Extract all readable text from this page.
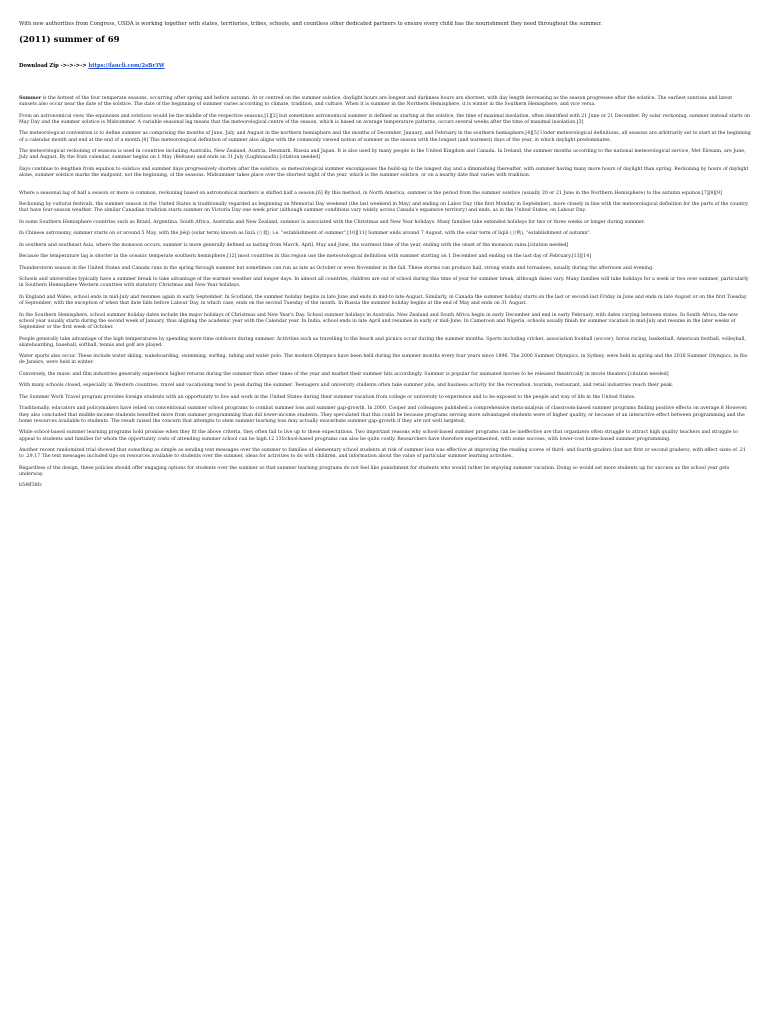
With new authorities from Congress, USDA is working together with states, territories, tribes, schools, and countless other dedicated partners to ensure every child has the nourishment they need throughout the summer.
(2011) summer of 69
Download Zip ->->->-> https://fancli.com/2sBr3W

Summer is the hottest of the four temperate seasons, occurring after spring and before autumn. At or centred on the summer solstice, daylight hours are longest and darkness hours are shortest, with day length decreasing as the season progresses after the solstice. The earliest sunrises and latest sunsets also occur near the date of the solstice. The date of the beginning of summer varies according to climate, tradition, and culture. When it is summer in the Northern Hemisphere, it is winter in the Southern Hemisphere, and vice versa.

From an astronomical view, the equinoxes and solstices would be the middle of the respective seasons,[1][2] but sometimes astronomical summer is defined as starting at the solstice, the time of maximal insolation, often identified with 21 June or 21 December. By solar reckoning, summer instead starts on May Day and the summer solstice is Midsummer. A variable seasonal lag means that the meteorological centre of the season, which is based on average temperature patterns, occurs several weeks after the time of maximal insolation.[3]

The meteorological convention is to define summer as comprising the months of June, July, and August in the northern hemisphere and the months of December, January, and February in the southern hemisphere.[4][5] Under meteorological definitions, all seasons are arbitrarily set to start at the beginning of a calendar month and end at the end of a month.[4] This meteorological definition of summer also aligns with the commonly viewed notion of summer as the season with the longest (and warmest) days of the year, in which daylight predominates.

The meteorological reckoning of seasons is used in countries including Australia, New Zealand, Austria, Denmark, Russia and Japan. It is also used by many people in the United Kingdom and Canada. In Ireland, the summer months according to the national meteorological service, Met Éireann, are June, July and August. By the Irish calendar, summer begins on 1 May (Beltane) and ends on 31 July (Lughnasadh).[citation needed]

Days continue to lengthen from equinox to solstice and summer days progressively shorten after the solstice, so meteorological summer encompasses the build-up to the longest day and a diminishing thereafter, with summer having many more hours of daylight than spring. Reckoning by hours of daylight alone, summer solstice marks the midpoint, not the beginning, of the seasons. Midsummer takes place over the shortest night of the year, which is the summer solstice, or on a nearby date that varies with tradition.

Where a seasonal lag of half a season or more is common, reckoning based on astronomical markers is shifted half a season.[6] By this method, in North America, summer is the period from the summer solstice (usually 20 or 21 June in the Northern Hemisphere) to the autumn equinox.[7][8][9]

Reckoning by cultural festivals, the summer season in the United States is traditionally regarded as beginning on Memorial Day weekend (the last weekend in May) and ending on Labor Day (the first Monday in September), more closely in line with the meteorological definition for the parts of the country that have four-season weather. The similar Canadian tradition starts summer on Victoria Day one week prior (although summer conditions vary widely across Canada's expansive territory) and ends, as in the United States, on Labour Day.

In some Southern Hemisphere countries such as Brazil, Argentina, South Africa, Australia and New Zealand, summer is associated with the Christmas and New Year holidays. Many families take extended holidays for two or three weeks or longer during summer.

In Chinese astronomy, summer starts on or around 5 May, with the jiéqì (solar term) known as lìxià (立夏), i.e. "establishment of summer".[10][11] Summer ends around 7 August, with the solar term of lìqiū (立秋), "establishment of autumn".

In southern and southeast Asia, where the monsoon occurs, summer is more generally defined as lasting from March, April, May and June, the warmest time of the year, ending with the onset of the monsoon rains.[citation needed]

Because the temperature lag is shorter in the oceanic temperate southern hemisphere,[12] most countries in this region use the meteorological definition with summer starting on 1 December and ending on the last day of February.[13][14]

Thunderstorm season in the United States and Canada runs in the spring through summer but sometimes can run as late as October or even November in the fall. These storms can produce hail, strong winds and tornadoes, usually during the afternoon and evening.

Schools and universities typically have a summer break to take advantage of the warmer weather and longer days. In almost all countries, children are out of school during this time of year for summer break, although dates vary. Many families will take holidays for a week or two over summer, particularly in Southern Hemisphere Western countries with statutory Christmas and New Year holidays.

In England and Wales, school ends in mid-July and resumes again in early September. In Scotland, the summer holiday begins in late June and ends in mid-to late-August. Similarly, in Canada the summer holiday starts on the last or second-last Friday in June and ends in late August or on the first Tuesday of September, with the exception of when that date falls before Labour Day, in which case, ends on the second Tuesday of the month. In Russia the summer holiday begins at the end of May and ends on 31 August.

In the Southern Hemisphere, school summer holiday dates include the major holidays of Christmas and New Year's Day. School summer holidays in Australia, New Zealand and South Africa begin in early December and end in early February, with dates varying between states. In South Africa, the new school year usually starts during the second week of January, thus aligning the academic year with the Calendar year. In India, school ends in late April and resumes in early or mid-June. In Cameroon and Nigeria, schools usually finish for summer vacation in mid-July and resume in the later weeks of September or the first week of October.

People generally take advantage of the high temperatures by spending more time outdoors during summer. Activities such as travelling to the beach and picnics occur during the summer months. Sports including cricket, association football (soccer), horse racing, basketball, American football, volleyball, skateboarding, baseball, softball, tennis and golf are played.

Water sports also occur. These include water skiing, wakeboarding, swimming, surfing, tubing and water polo. The modern Olympics have been held during the summer months every four years since 1896. The 2000 Summer Olympics, in Sydney, were held in spring and the 2016 Summer Olympics, in Rio de Janeiro, were held in winter.

Conversely, the music and film industries generally experience higher returns during the summer than other times of the year and market their summer hits accordingly. Summer is popular for animated movies to be released theatrically in movie theaters.[citation needed]

With many schools closed, especially in Western countries, travel and vacationing tend to peak during the summer. Teenagers and university students often take summer jobs, and business activity for the recreation, tourism, restaurant, and retail industries reach their peak.

The Summer Work Travel program provides foreign students with an opportunity to live and work in the United States during their summer vacation from college or university to experience and to be exposed to the people and way of life in the United States.

Traditionally, educators and policymakers have relied on conventional summer school programs to combat summer loss and summer gap-growth. In 2000, Cooper and colleagues published a comprehensive meta-analysis of classroom-based summer programs finding positive effects on average.8 However, they also concluded that middle-income students benefited more from summer programming than did lower-income students. They speculated that this could be because programs serving more advantaged students were of higher quality, or because of an interactive effect between programming and the home resources available to students. The result raised the concern that attempts to stem summer learning loss may actually exacerbate summer gap-growth if they are not well targeted.

While school-based summer learning programs hold promise when they fit the above criteria, they often fail to live up to these expectations. Two important reasons why school-based summer programs can be ineffective are that organizers often struggle to attract high quality teachers and struggle to appeal to students and families for whom the opportunity costs of attending summer school can be high.12 13School-based programs can also be quite costly. Researchers have therefore experimented, with some success, with lower-cost home-based summer programming.

Another recent randomized trial showed that something as simple as sending text messages over the summer to families of elementary school students at risk of summer loss was effective at improving the reading scores of third- and fourth-graders (but not first or second graders), with effect sizes of .21 to .29.17 The text messages included tips on resources available to students over the summer, ideas for activities to do with children, and information about the value of particular summer learning activities.

Regardless of the design, these policies should offer engaging options for students over the summer so that summer learning programs do not feel like punishment for students who would rather be enjoying summer vacation. Doing so would set more students up for success as the school year gets underway.

b54ff38fc
